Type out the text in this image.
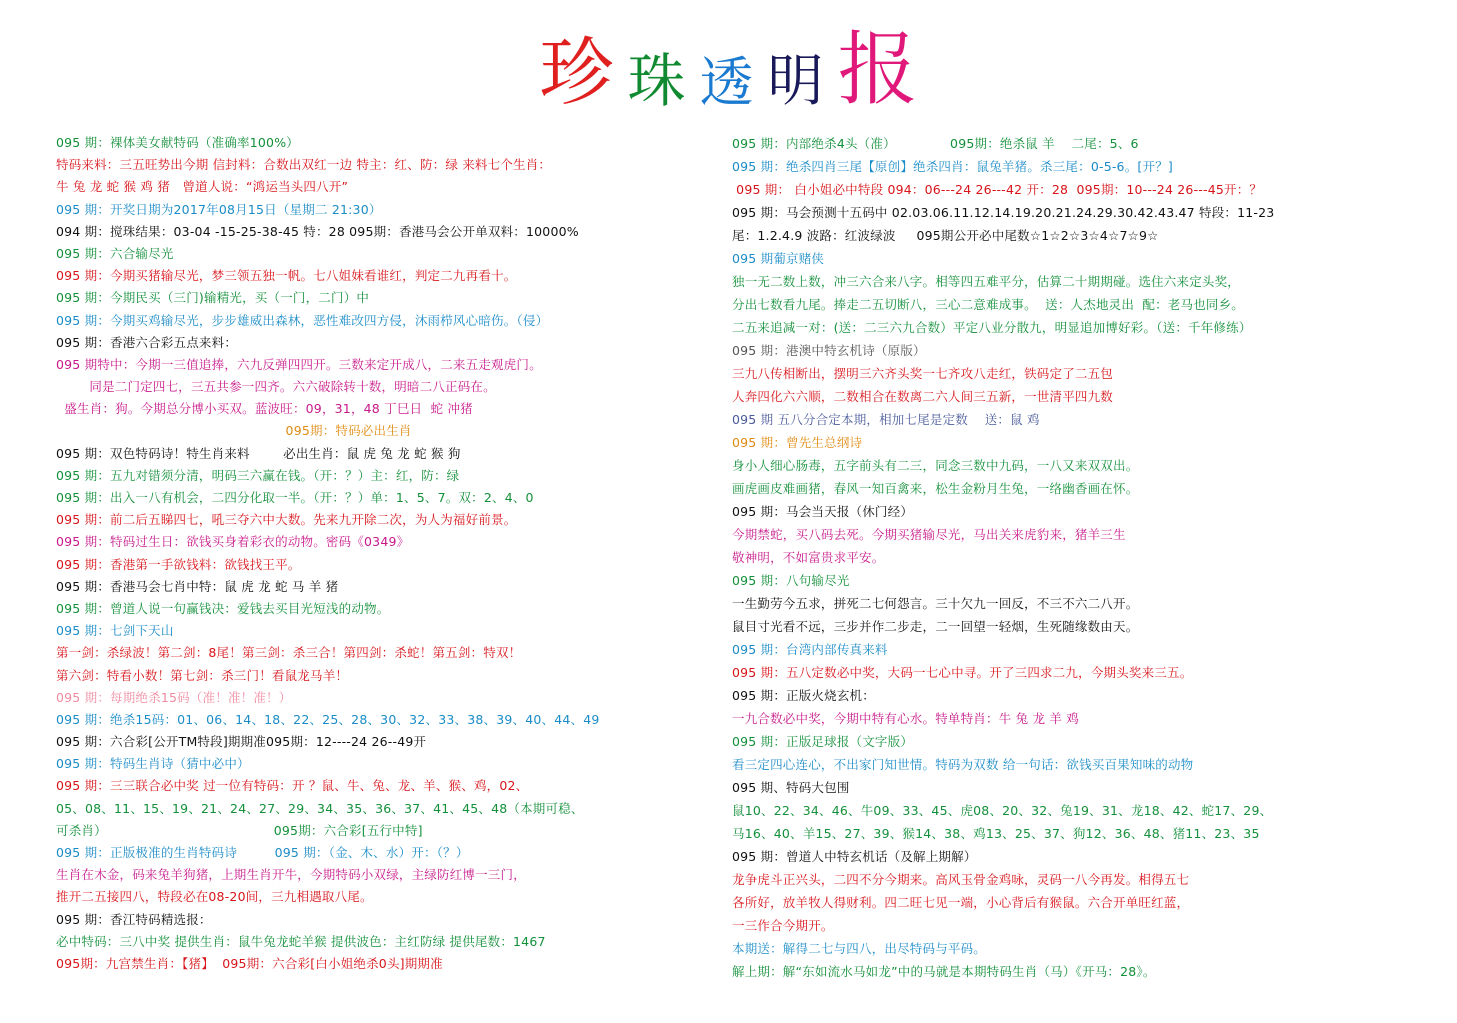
珍 珠 透 明 报
095 期：裸体美女献特码（准确率100%）
特码来料：三五旺势出今期 信封料：合数出双红一边 特主：红、防：绿 来料七个生肖：
牛 兔 龙 蛇 猴 鸡 猪   曾道人说：“鸿运当头四八开”
095 期：开奖日期为2017年08月15日（星期二 21:30）
094 期：搅珠结果：03-04 -15-25-38-45 特：28 095期：香港马会公开单双料：10000%
095 期：六合输尽光
095 期：今期买猪输尽光，梦三领五独一帆。七八姐妹看谁红，判定二九再看十。
095 期：今期民买（三门)输精光，买（一门，二门）中
095 期：今期买鸡输尽光，步步雄威出森林，恶性难改四方侵，沐雨栉风心暗伤。（侵）
095 期：香港六合彩五点来料：
095 期特中：今期一三值追捧，六九反弹四四开。三数来定开成八，二来五走观虎门。
同是二门定四七，三五共参一四齐。六六破除转十数，明暗二八正码在。
盛生肖：狗。今期总分博小买双。蓝波旺：09，31，48 丁巳日  蛇 冲猪
095期：特码必出生肖
095 期：双色特码诗！特生肖来料        必出生肖：鼠 虎 兔 龙 蛇 猴 狗
095 期：五九对错须分清，明码三六赢在钱。（开：？）主：红，防：绿
095 期：出入一八有机会，二四分化取一半。（开：？）单：1、5、7。双：2、4、0
095 期：前二后五睇四七，吼三夺六中大数。先来九开除二次，为人为福好前景。
095 期：特码过生日：欲钱买身着彩衣的动物。密码《0349》
095 期：香港第一手欲钱料：欲钱找王平。
095 期：香港马会七肖中特：鼠 虎 龙 蛇 马 羊 猪
095 期：曾道人说一句赢钱决：爱钱去买目光短浅的动物。
095 期：七剑下天山
第一剑：杀绿波！第二剑：8尾！第三剑：杀三合！第四剑：杀蛇！第五剑：特双！
第六剑：特看小数！第七剑：杀三门！看鼠龙马羊！
095 期：每期绝杀15码（准！准！准！）
095 期：绝杀15码：01、06、14、18、22、25、28、30、32、33、38、39、40、44、49
095 期：六合彩[公开TM特段]期期准095期：12----24 26--49开
095 期：特码生肖诗（猜中必中）
095 期：三三联合必中奖 过一位有特码：开 ？鼠、牛、兔、龙、羊、猴、鸡，02、
05、08、11、15、19、21、24、27、29、34、35、36、37、41、45、48（本期可稳、
可杀肖）                                        095期：六合彩[五行中特]
095 期：正版极准的生肖特码诗         095 期：（金、木、水）开：（？）
生肖在木金，码来兔羊狗猪，上期生肖开牛，今期特码小双绿，主绿防红博一三门，
推开二五接四八，特段必在08-20间，三九相遇取八尾。
095 期：香江特码精选报：
必中特码：三八中奖 提供生肖：鼠牛兔龙蛇羊猴 提供波色：主红防绿 提供尾数：1467
095期：九宫禁生肖：【猪】  095期：六合彩[白小姐绝杀0头]期期准
095 期：内部绝杀4头（准）             095期：绝杀鼠 羊    二尾：5、6
095 期：绝杀四肖三尾【原创】绝杀四肖：鼠兔羊猪。杀三尾：0-5-6。[开？]
095 期： 白小姐必中特段 094：06---24 26---42 开：28  095期：10---24 26---45开：？
095 期：马会预测十五码中 02.03.06.11.12.14.19.20.21.24.29.30.42.43.47 特段：11-23
尾：1.2.4.9 波路：红波绿波     095期公开必中尾数☆1☆2☆3☆4☆7☆9☆
095 期葡京赌侠
独一无二数上数，冲三六合来八字。相等四五难平分，估算二十期期碰。选住六来定头奖，
分出七数看九尾。捧走二五切断八，三心二意难成事。  送：人杰地灵出  配：老马也同乡。
二五来追减一对：(送：二三六九合数）平定八业分散九，明显追加博好彩。（送：千年修练）
095 期：港澳中特玄机诗（原版）
三九八传相断出，摆明三六齐头奖一七齐攻八走红，铁码定了二五包
人奔四化六六顺，二数相合在数离二六人间三五新，一世清平四九数
095 期 五八分合定本期，相加七尾是定数    送：鼠 鸡
095 期：曾先生总纲诗
身小人细心肠毒，五字前头有二三，同念三数中九码，一八又来双双出。
画虎画皮难画猪，春风一知百禽来，松生金粉月生兔，一络幽香画在怀。
095 期：马会当天报（休门经）
今期禁蛇，买八码去死。今期买猪输尽光，马出关来虎豹来，猪羊三生
敬神明，不如富贵求平安。
095 期：八句输尽光
一生勤劳今五求，拼死二七何怨言。三十欠九一回反，不三不六二八开。
鼠目寸光看不远，三步并作二步走，二一回望一轻烟，生死随缘数由天。
095 期：台湾内部传真来料
095 期：五八定数必中奖，大码一七心中寻。开了三四求二九，今期头奖来三五。
095 期：正版火烧玄机：
一九合数必中奖，今期中特有心水。特单特肖：牛 兔 龙 羊 鸡
095 期：正版足球报（文字版）
看三定四心连心，不出家门知世情。特码为双数 给一句话：欲钱买百果知味的动物
095 期、特码大包围
鼠10、22、34、46、牛09、33、45、虎08、20、32、兔19、31、龙18、42、蛇17、29、
马16、40、羊15、27、39、猴14、38、鸡13、25、37、狗12、36、48、猪11、23、35
095 期：曾道人中特玄机话（及解上期解）
龙争虎斗正兴头，二四不分今期来。高风玉骨金鸡咏，灵码一八今再发。相得五七
各所好，放羊牧人得财利。四二旺七见一端，小心背后有猴鼠。六合开单旺红蓝，
一三作合今期开。
本期送：解得二七与四八，出尽特码与平码。
解上期：解“东如流水马如龙”中的马就是本期特码生肖（马）《开马：28》。
